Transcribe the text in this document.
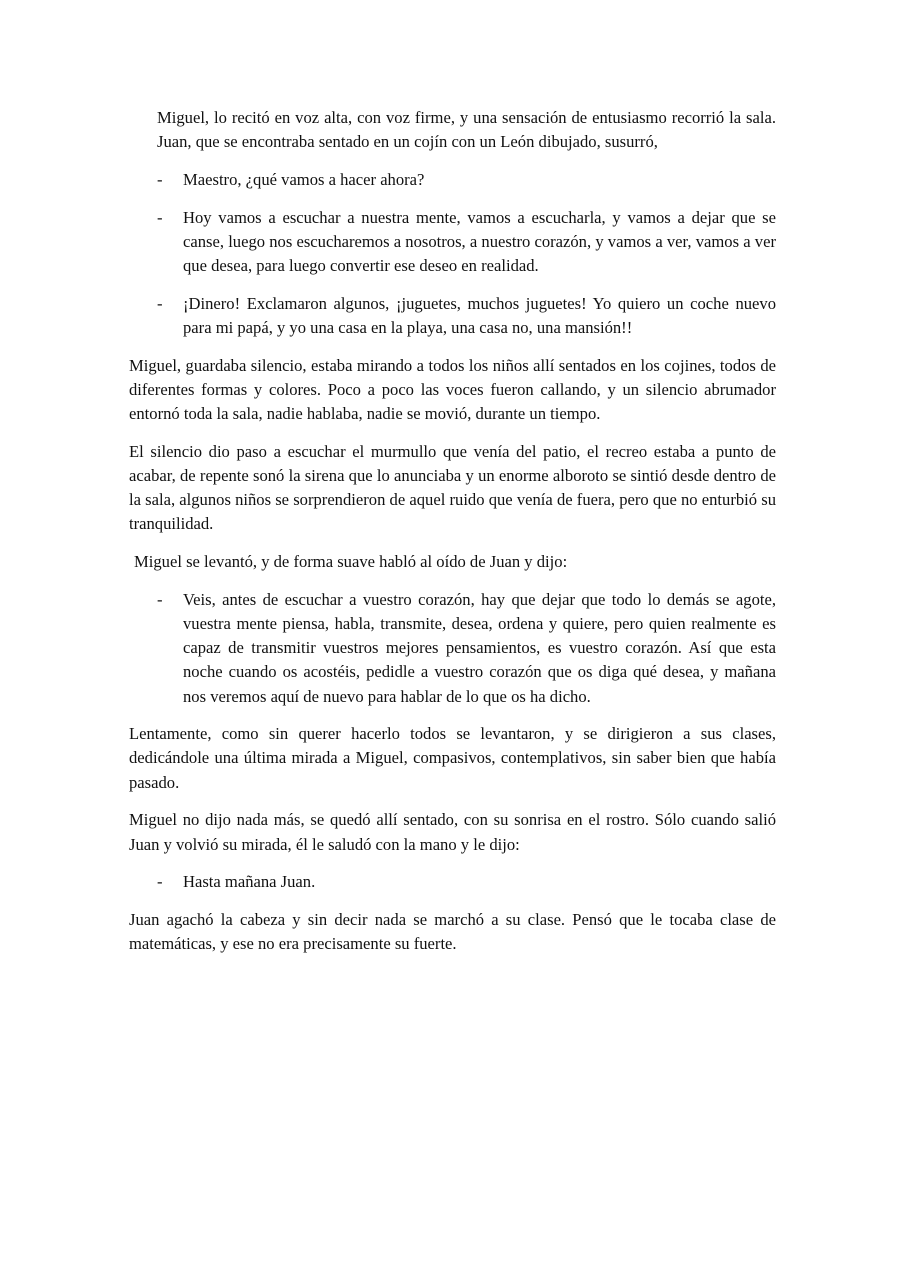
Miguel, lo recitó en voz alta, con voz firme, y una sensación de entusiasmo recorrió la sala. Juan, que se encontraba sentado en un cojín con un León dibujado, susurró,

- Maestro, ¿qué vamos a hacer ahora?
- Hoy vamos a escuchar a nuestra mente, vamos a escucharla, y vamos a dejar que se canse, luego nos escucharemos a nosotros, a nuestro corazón, y vamos a ver, vamos a ver que desea, para luego convertir ese deseo en realidad.
- ¡Dinero! Exclamaron algunos, ¡juguetes, muchos juguetes! Yo quiero un coche nuevo para mi papá, y yo una casa en la playa, una casa no, una mansión!!

Miguel, guardaba silencio, estaba mirando a todos los niños allí sentados en los cojines, todos de diferentes formas y colores. Poco a poco las voces fueron callando, y un silencio abrumador entornó toda la sala, nadie hablaba, nadie se movió, durante un tiempo.

El silencio dio paso a escuchar el murmullo que venía del patio, el recreo estaba a punto de acabar, de repente sonó la sirena que lo anunciaba y un enorme alboroto se sintió desde dentro de la sala, algunos niños se sorprendieron de aquel ruido que venía de fuera, pero que no enturbió su tranquilidad.

Miguel se levantó, y de forma suave habló al oído de Juan y dijo:

- Veis, antes de escuchar a vuestro corazón, hay que dejar que todo lo demás se agote, vuestra mente piensa, habla, transmite, desea, ordena y quiere, pero quien realmente es capaz de transmitir vuestros mejores pensamientos, es vuestro corazón. Así que esta noche cuando os acostéis, pedidle a vuestro corazón que os diga qué desea, y mañana nos veremos aquí de nuevo para hablar de lo que os ha dicho.

Lentamente, como sin querer hacerlo todos se levantaron, y se dirigieron a sus clases, dedicándole una última mirada a Miguel, compasivos, contemplativos, sin saber bien que había pasado.

Miguel no dijo nada más, se quedó allí sentado, con su sonrisa en el rostro. Sólo cuando salió Juan y volvió su mirada, él le saludó con la mano y le dijo:

- Hasta mañana Juan.

Juan agachó la cabeza y sin decir nada se marchó a su clase. Pensó que le tocaba clase de matemáticas, y ese no era precisamente su fuerte.
